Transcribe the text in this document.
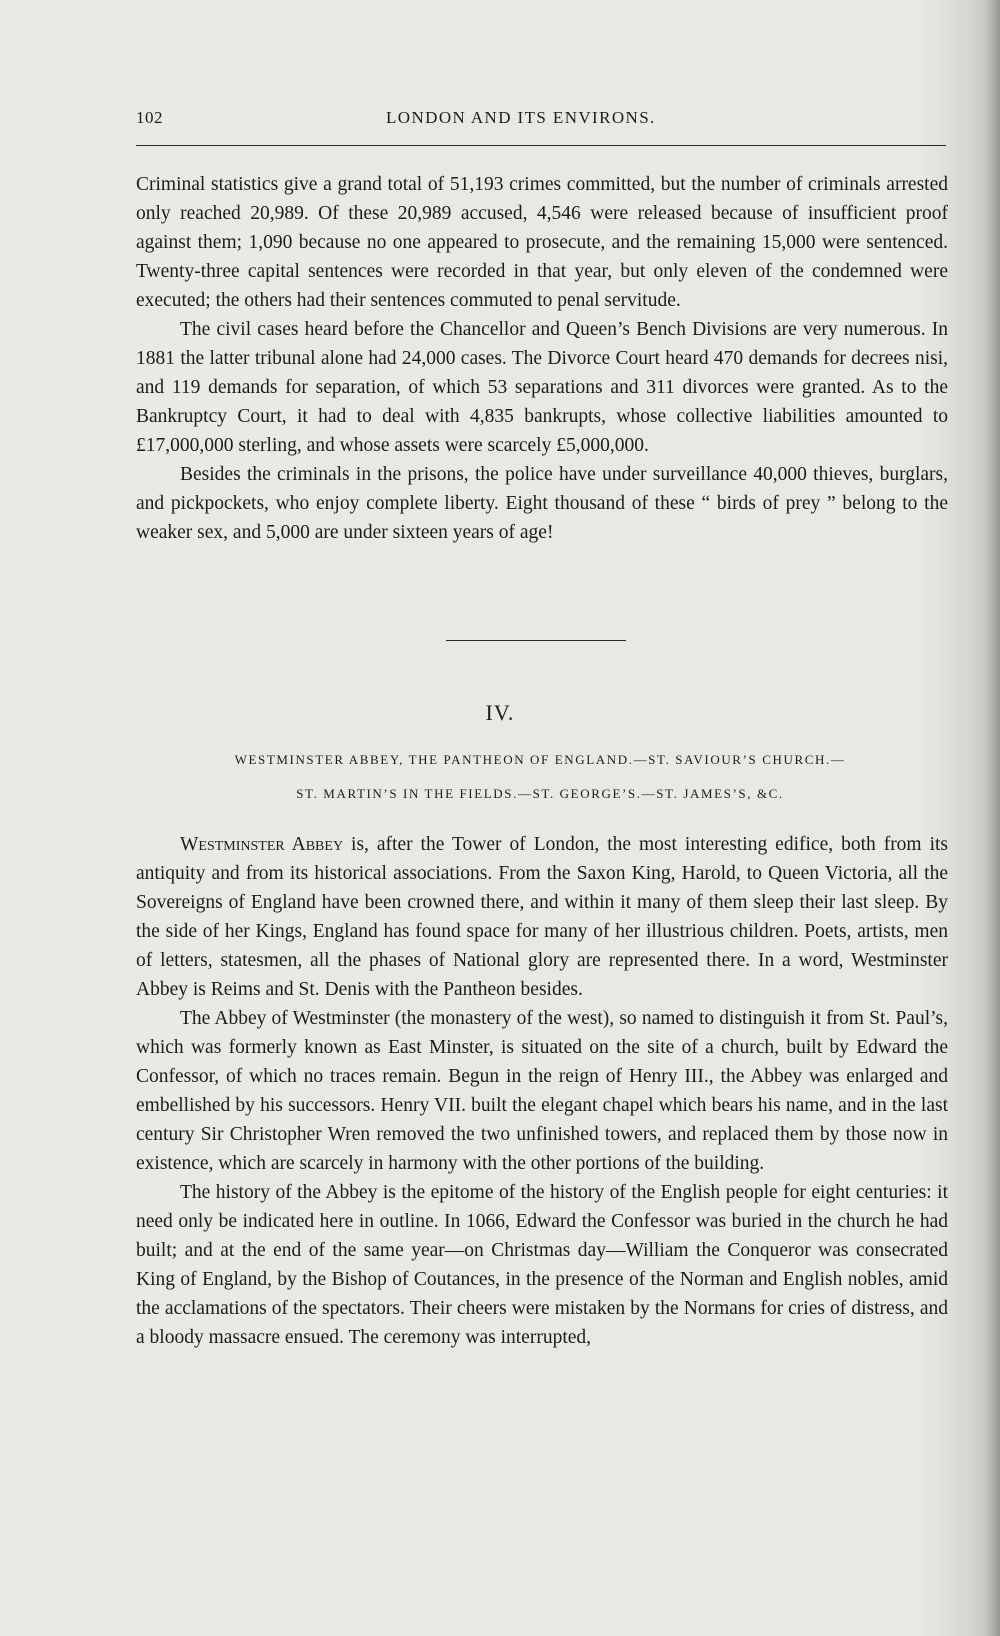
102	LONDON AND ITS ENVIRONS.

Criminal statistics give a grand total of 51,193 crimes committed, but the number of criminals arrested only reached 20,989. Of these 20,989 accused, 4,546 were released because of insufficient proof against them; 1,090 because no one appeared to prosecute, and the remaining 15,000 were sentenced. Twenty-three capital sentences were recorded in that year, but only eleven of the condemned were executed; the others had their sentences commuted to penal servitude.

The civil cases heard before the Chancellor and Queen’s Bench Divisions are very numerous. In 1881 the latter tribunal alone had 24,000 cases. The Divorce Court heard 470 demands for decrees nisi, and 119 demands for separation, of which 53 separations and 311 divorces were granted. As to the Bankruptcy Court, it had to deal with 4,835 bankrupts, whose collective liabilities amounted to £17,000,000 sterling, and whose assets were scarcely £5,000,000.

Besides the criminals in the prisons, the police have under surveillance 40,000 thieves, burglars, and pickpockets, who enjoy complete liberty. Eight thousand of these “ birds of prey ” belong to the weaker sex, and 5,000 are under sixteen years of age!

IV.
WESTMINSTER ABBEY, THE PANTHEON OF ENGLAND.—ST. SAVIOUR’S CHURCH.—
ST. MARTIN’S IN THE FIELDS.—ST. GEORGE’S.—ST. JAMES’S, &C.

Westminster Abbey is, after the Tower of London, the most interesting edifice, both from its antiquity and from its historical associations. From the Saxon King, Harold, to Queen Victoria, all the Sovereigns of England have been crowned there, and within it many of them sleep their last sleep. By the side of her Kings, England has found space for many of her illustrious children. Poets, artists, men of letters, statesmen, all the phases of National glory are represented there. In a word, Westminster Abbey is Reims and St. Denis with the Pantheon besides.

The Abbey of Westminster (the monastery of the west), so named to distinguish it from St. Paul’s, which was formerly known as East Minster, is situated on the site of a church, built by Edward the Confessor, of which no traces remain. Begun in the reign of Henry III., the Abbey was enlarged and embellished by his successors. Henry VII. built the elegant chapel which bears his name, and in the last century Sir Christopher Wren removed the two unfinished towers, and replaced them by those now in existence, which are scarcely in harmony with the other portions of the building.

The history of the Abbey is the epitome of the history of the English people for eight centuries: it need only be indicated here in outline. In 1066, Edward the Confessor was buried in the church he had built; and at the end of the same year—on Christmas day—William the Conqueror was consecrated King of England, by the Bishop of Coutances, in the presence of the Norman and English nobles, amid the acclamations of the spectators. Their cheers were mistaken by the Normans for cries of distress, and a bloody massacre ensued. The ceremony was interrupted,
